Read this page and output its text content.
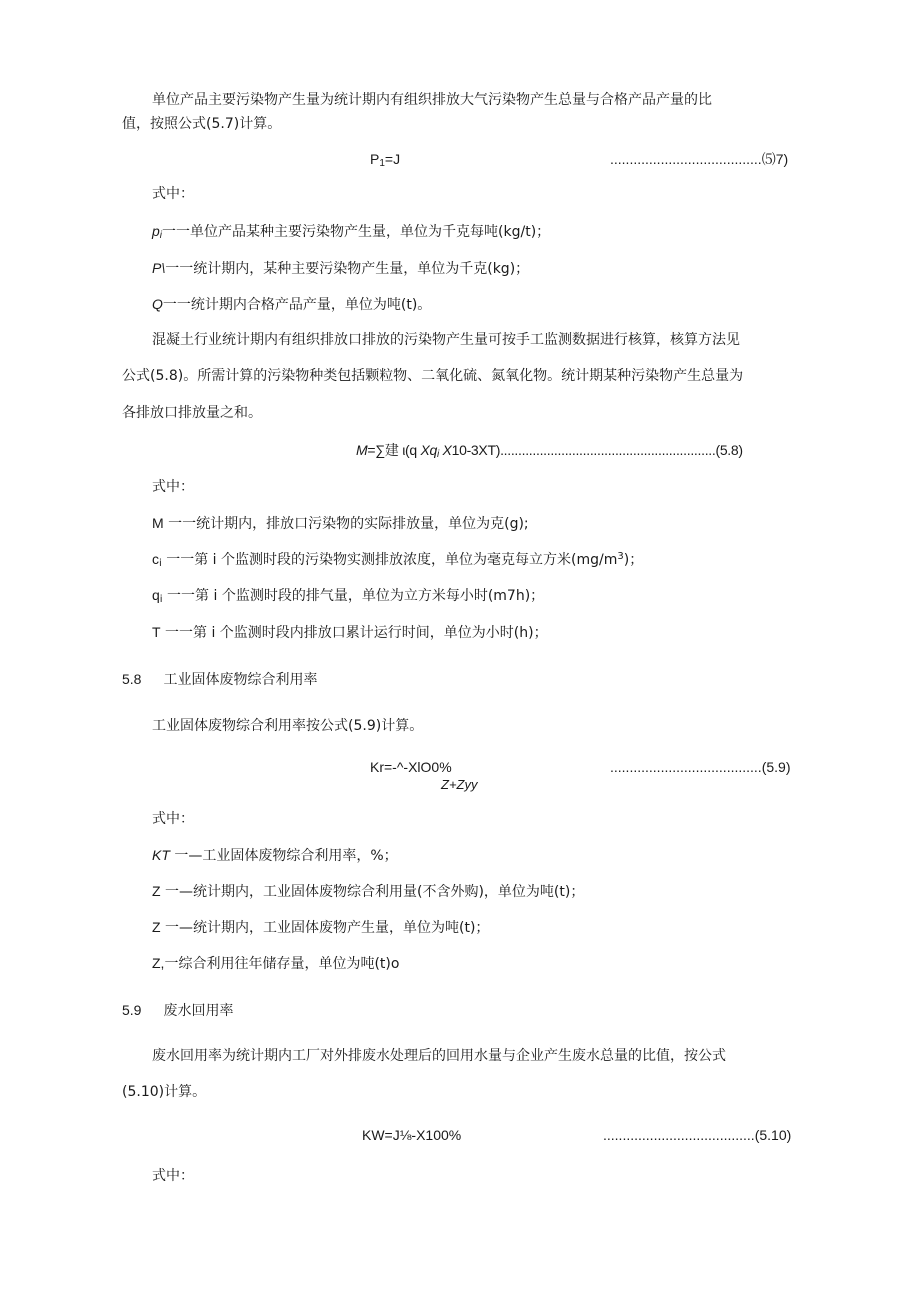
单位产品主要污染物产生量为统计期内有组织排放大气污染物产生总量与合格产品产量的比
值，按照公式(5.7)计算。
$P_1=J$	.......................................⑸7)
式中：
$p_i$一一单位产品某种主要污染物产生量，单位为千克每吨(kg/t)；
P\一一统计期内，某种主要污染物产生量，单位为千克(kg)；
Q一一统计期内合格产品产量，单位为吨(t)。
混凝土行业统计期内有组织排放口排放的污染物产生量可按手工监测数据进行核算，核算方法见
公式(5.8)。所需计算的污染物种类包括颗粒物、二氧化硫、氮氧化物。统计期某种污染物产生总量为
各排放口排放量之和。
M=∑建 ι(q $Xq_i$ X10-3XT)............................................................(5.8)
式中：
M 一一统计期内，排放口污染物的实际排放量，单位为克(g);
$c_i$ 一一第 i 个监测时段的污染物实测排放浓度，单位为毫克每立方米$(mg/m^3)$；
$q_i$ 一一第 i 个监测时段的排气量，单位为立方米每小时(m7h)；
T 一一第 i 个监测时段内排放口累计运行时间，单位为小时(h)；
5.8 工业固体废物综合利用率
工业固体废物综合利用率按公式(5.9)计算。
Kr=-^-XlO0%	.......................................(5.9)
Z+Zyy
式中：
KT 一—工业固体废物综合利用率，%；
Z 一—统计期内，工业固体废物综合利用量(不含外购)，单位为吨(t)；
Z 一—统计期内，工业固体废物产生量，单位为吨(t)；
Z,一综合利用往年储存量，单位为吨(t)o
5.9 废水回用率
废水回用率为统计期内工厂对外排废水处理后的回用水量与企业产生废水总量的比值，按公式
(5.10)计算。
KW=J⅛-X100%	.......................................(5.10)
式中：
